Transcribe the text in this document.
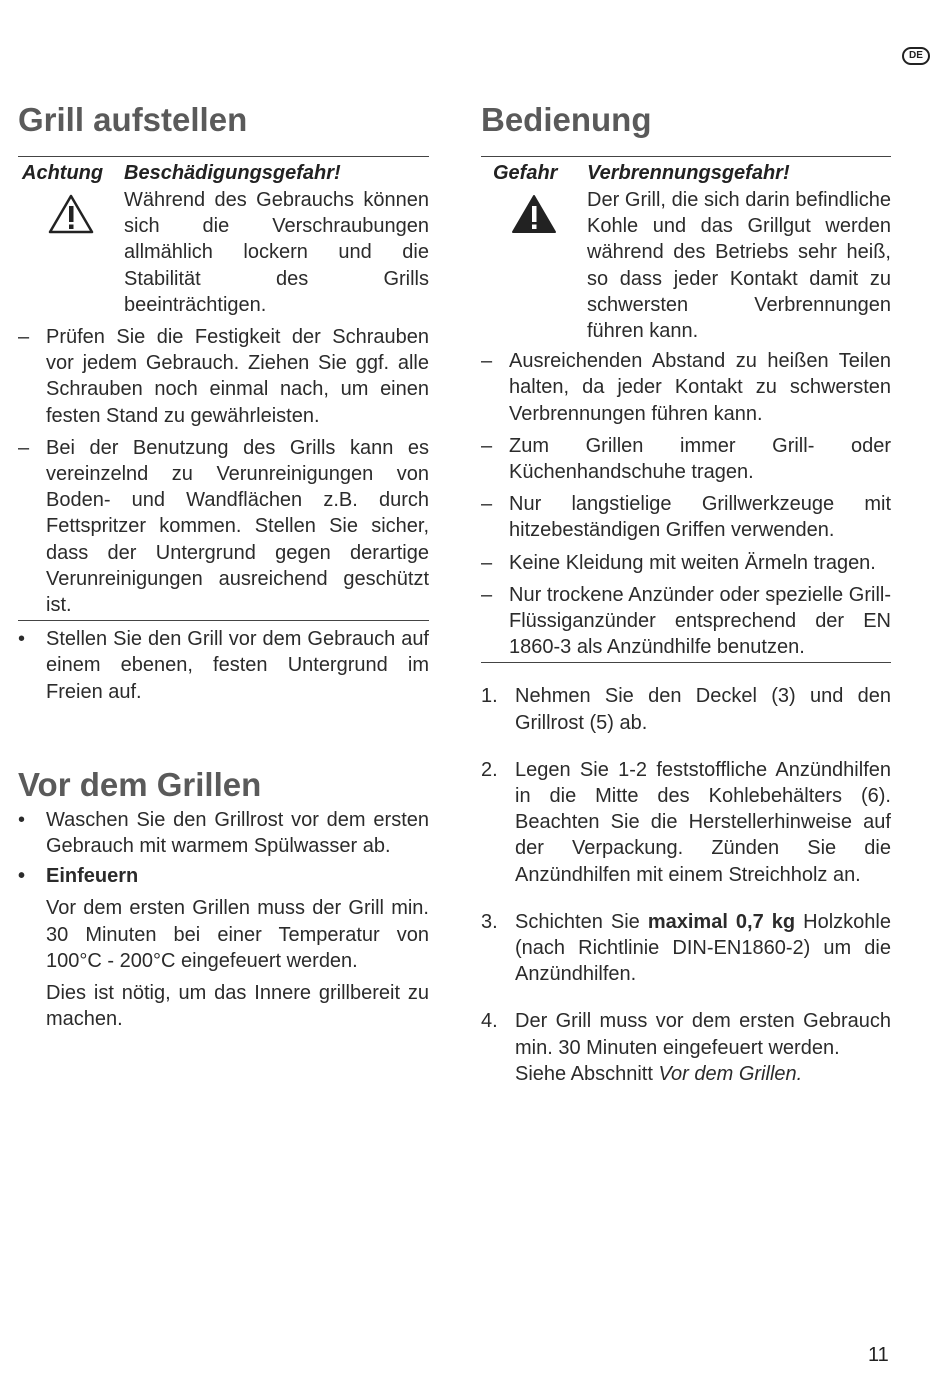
DE
Grill aufstellen
Achtung	Beschädigungsgefahr!
Während des Gebrauchs können sich die Verschraubungen allmählich lockern und die Stabilität des Grills beeinträchtigen.
– Prüfen Sie die Festigkeit der Schrauben vor jedem Gebrauch. Ziehen Sie ggf. alle Schrauben noch einmal nach, um einen festen Stand zu gewährleisten.
– Bei der Benutzung des Grills kann es vereinzelnd zu Verunreinigungen von Boden- und Wandflächen z.B. durch Fettspritzer kommen. Stellen Sie sicher, dass der Untergrund gegen derartige Verunreinigungen ausreichend geschützt ist.
•	Stellen Sie den Grill vor dem Gebrauch auf einem ebenen, festen Untergrund im Freien auf.
Vor dem Grillen
•	Waschen Sie den Grillrost vor dem ersten Gebrauch mit warmem Spülwasser ab.
•	Einfeuern
Vor dem ersten Grillen muss der Grill min. 30 Minuten bei einer Temperatur von 100°C - 200°C eingefeuert werden.
Dies ist nötig, um das Innere grillbereit zu machen.
Bedienung
Gefahr	Verbrennungsgefahr!
Der Grill, die sich darin befindliche Kohle und das Grillgut werden während des Betriebs sehr heiß, so dass jeder Kontakt damit zu schwersten Verbrennungen führen kann.
– Ausreichenden Abstand zu heißen Teilen halten, da jeder Kontakt zu schwersten Verbrennungen führen kann.
– Zum Grillen immer Grill- oder Küchenhandschuhe tragen.
– Nur langstielige Grillwerkzeuge mit hitzebeständigen Griffen verwenden.
– Keine Kleidung mit weiten Ärmeln tragen.
– Nur trockene Anzünder oder spezielle Grill-Flüssiganzünder entsprechend der EN 1860-3 als Anzündhilfe benutzen.
1. Nehmen Sie den Deckel (3) und den Grillrost (5) ab.
2. Legen Sie 1-2 feststoffliche Anzündhilfen in die Mitte des Kohlebehälters (6). Beachten Sie die Herstellerhinweise auf der Verpackung. Zünden Sie die Anzündhilfen mit einem Streichholz an.
3. Schichten Sie maximal 0,7 kg Holzkohle (nach Richtlinie DIN-EN1860-2) um die Anzündhilfen.
4. Der Grill muss vor dem ersten Gebrauch min. 30 Minuten eingefeuert werden.

Siehe Abschnitt Vor dem Grillen.

11
